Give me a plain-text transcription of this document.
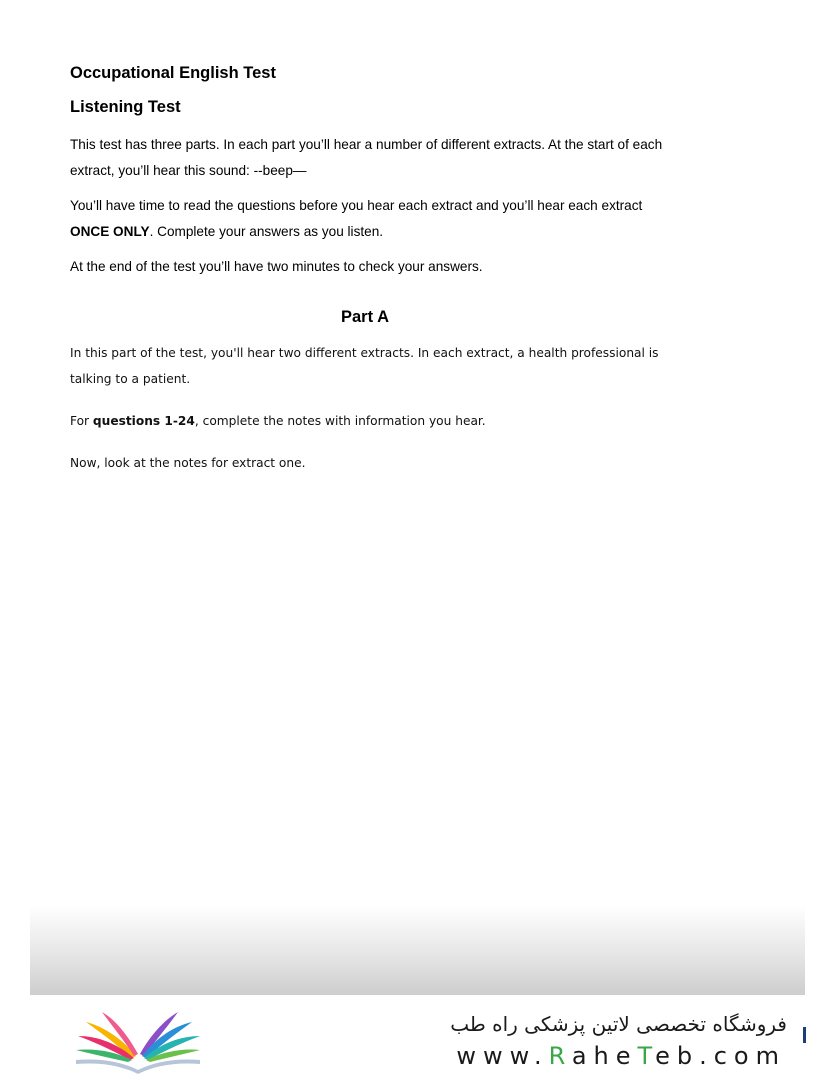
Occupational English Test
Listening Test

This test has three parts. In each part you’ll hear a number of different extracts. At the start of each extract, you’ll hear this sound: --beep—

You’ll have time to read the questions before you hear each extract and you’ll hear each extract ONCE ONLY. Complete your answers as you listen.

At the end of the test you’ll have two minutes to check your answers.

Part A

In this part of the test, you'll hear two different extracts. In each extract, a health professional is talking to a patient.

For questions 1-24, complete the notes with information you hear.

Now, look at the notes for extract one.

فروشگاه تخصصی لاتین پزشکی راه طب
www.RaheTeb.com
